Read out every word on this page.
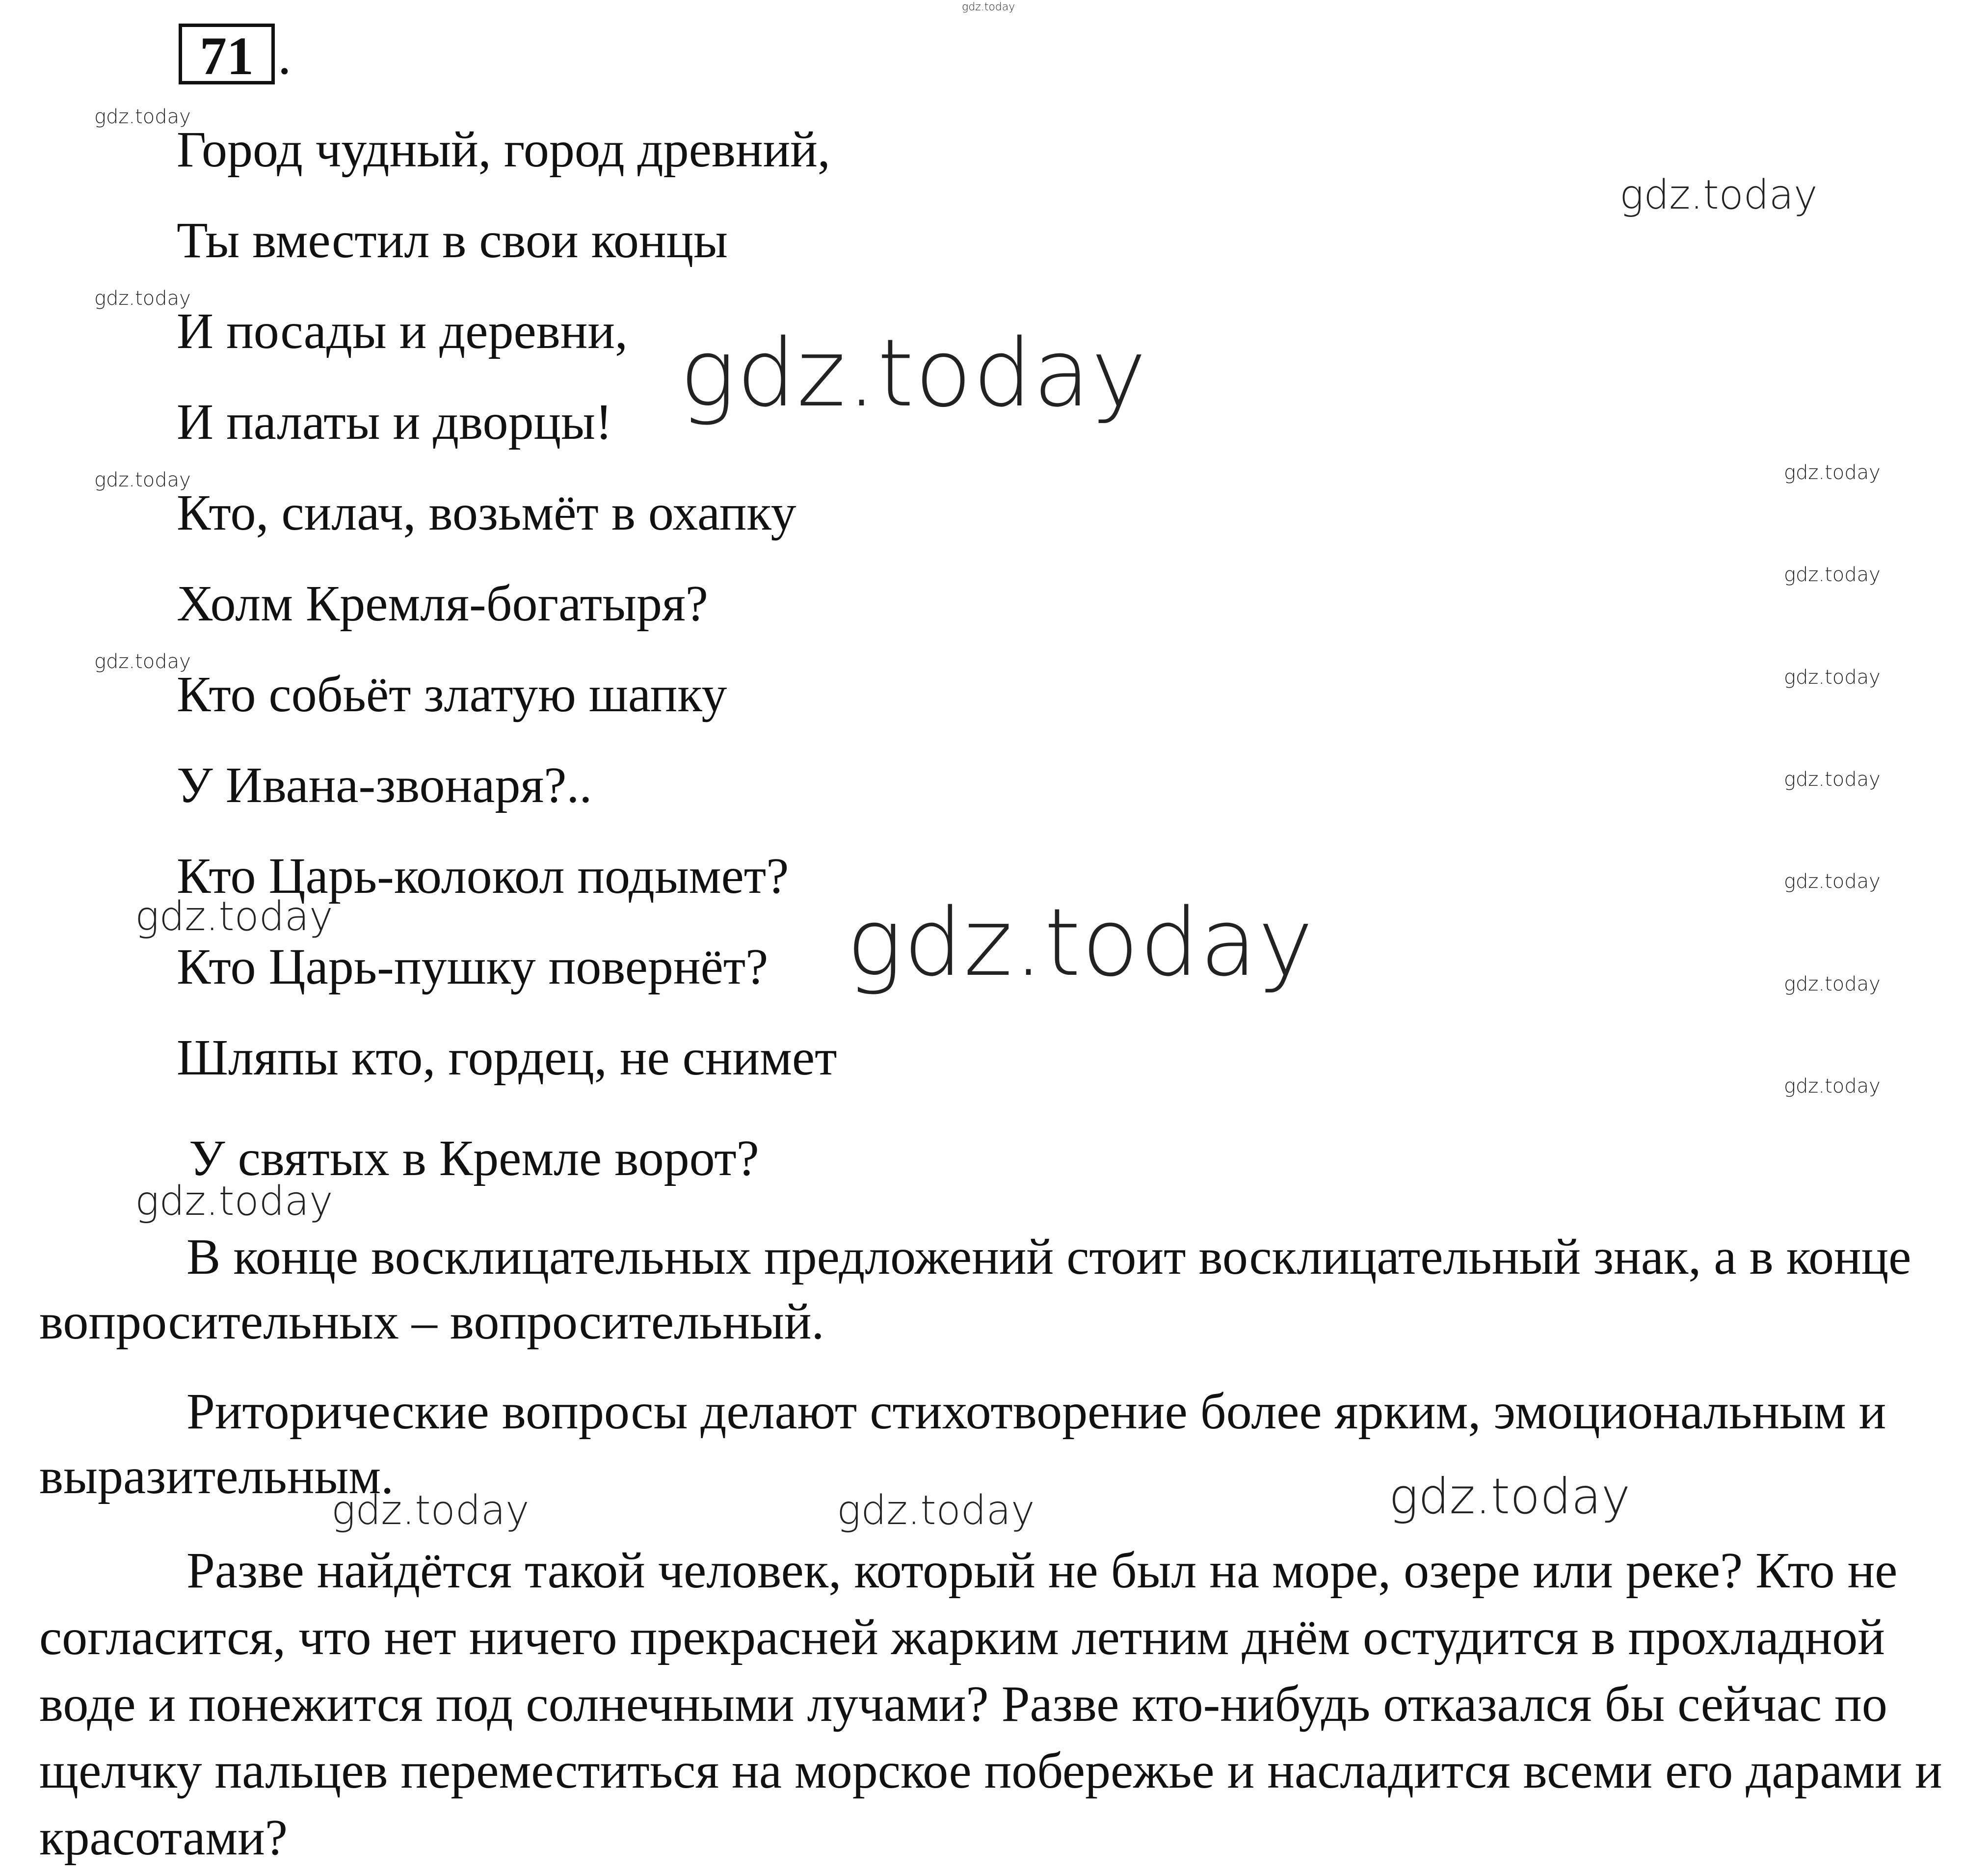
71 .
Город чудный, город древний,
Ты вместил в свои концы
И посады и деревни,
И палаты и дворцы!
Кто, силач, возьмёт в охапку
Холм Кремля-богатыря?
Кто собьёт златую шапку
У Ивана-звонаря?..
Кто Царь-колокол подымет?
Кто Царь-пушку повернёт?
Шляпы кто, гордец, не снимет
У святых в Кремле ворот?

В конце восклицательных предложений стоит восклицательный знак, а в конце вопросительных – вопросительный.

Риторические вопросы делают стихотворение более ярким, эмоциональным и выразительным.

Разве найдётся такой человек, который не был на море, озере или реке? Кто не согласится, что нет ничего прекрасней жарким летним днём остудится в прохладной воде и понежится под солнечными лучами? Разве кто-нибудь отказался бы сейчас по щелчку пальцев переместиться на морское побережье и насладится всеми его дарами и красотами?

gdz.today
gdz.today
gdz.today
gdz.today
gdz.today
gdz.today
gdz.today
gdz.today
gdz.today
gdz.today
gdz.today
gdz.today
gdz.today
gdz.today
gdz.today
gdz.today
gdz.today
gdz.today	gdz.today	gdz.today
